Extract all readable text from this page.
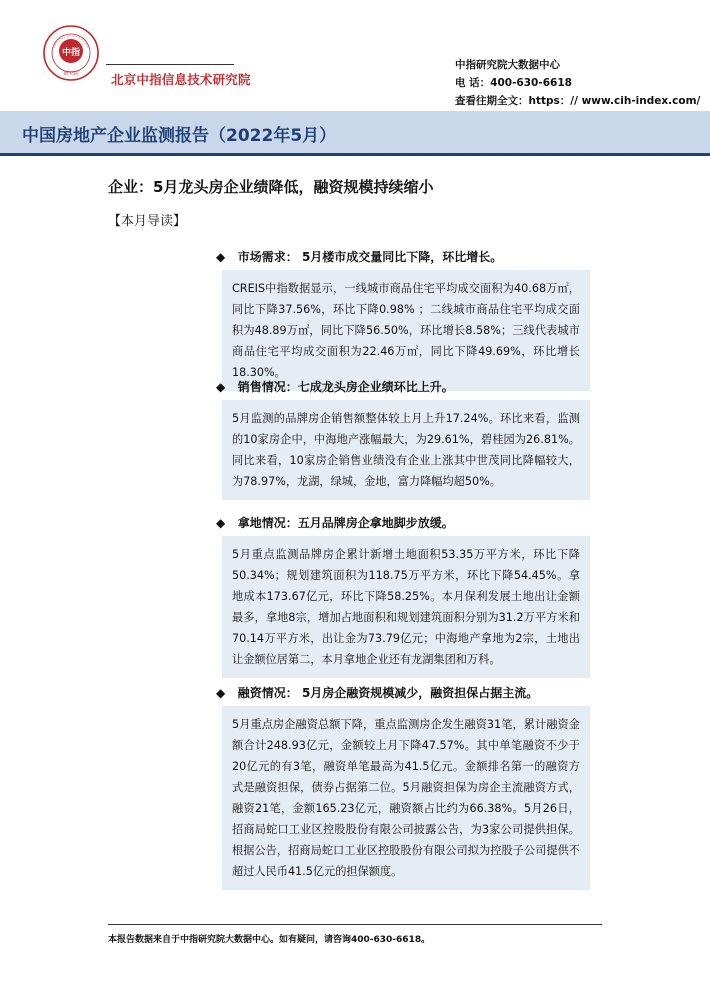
中指
研究院	北京中指信息技术研究院
中指研究院大数据中心
电 话：400-630-6618
查看往期全文：https：// www.cih-index.com/
中国房地产企业监测报告（2022年5月）
企业：5月龙头房企业绩降低，融资规模持续缩小
【本月导读】
◆ 市场需求： 5月楼市成交量同比下降，环比增长。

CREIS中指数据显示，一线城市商品住宅平均成交面积为40.68万㎡，同比下降37.56%，环比下降0.98% ；二线城市商品住宅平均成交面积为48.89万㎡，同比下降56.50%，环比增长8.58%；三线代表城市商品住宅平均成交面积为22.46万㎡，同比下降49.69%，环比增长18.30%。

◆ 销售情况：七成龙头房企业绩环比上升。

5月监测的品牌房企销售额整体较上月上升17.24%。环比来看，监测的10家房企中，中海地产涨幅最大，为29.61%，碧桂园为26.81%。同比来看，10家房企销售业绩没有企业上涨其中世茂同比降幅较大，为78.97%，龙湖，绿城，金地，富力降幅均超50%。

◆ 拿地情况：五月品牌房企拿地脚步放缓。

5月重点监测品牌房企累计新增土地面积53.35万平方米，环比下降50.34%；规划建筑面积为118.75万平方米，环比下降54.45%。拿地成本173.67亿元，环比下降58.25%。本月保利发展土地出让金额最多，拿地8宗，增加占地面积和规划建筑面积分别为31.2万平方米和70.14万平方米，出让金为73.79亿元；中海地产拿地为2宗，土地出让金额位居第二，本月拿地企业还有龙湖集团和万科。

◆ 融资情况： 5月房企融资规模减少，融资担保占据主流。

5月重点房企融资总额下降，重点监测房企发生融资31笔，累计融资金额合计248.93亿元，金额较上月下降47.57%。其中单笔融资不少于20亿元的有3笔，融资单笔最高为41.5亿元。金额排名第一的融资方式是融资担保，债券占据第二位。5月融资担保为房企主流融资方式，融资21笔，金额165.23亿元，融资额占比约为66.38%。5月26日，招商局蛇口工业区控股股份有限公司披露公告，为3家公司提供担保。根据公告，招商局蛇口工业区控股股份有限公司拟为控股子公司提供不超过人民币41.5亿元的担保额度。

本报告数据来自于中指研究院大数据中心。如有疑问，请咨询400-630-6618。
